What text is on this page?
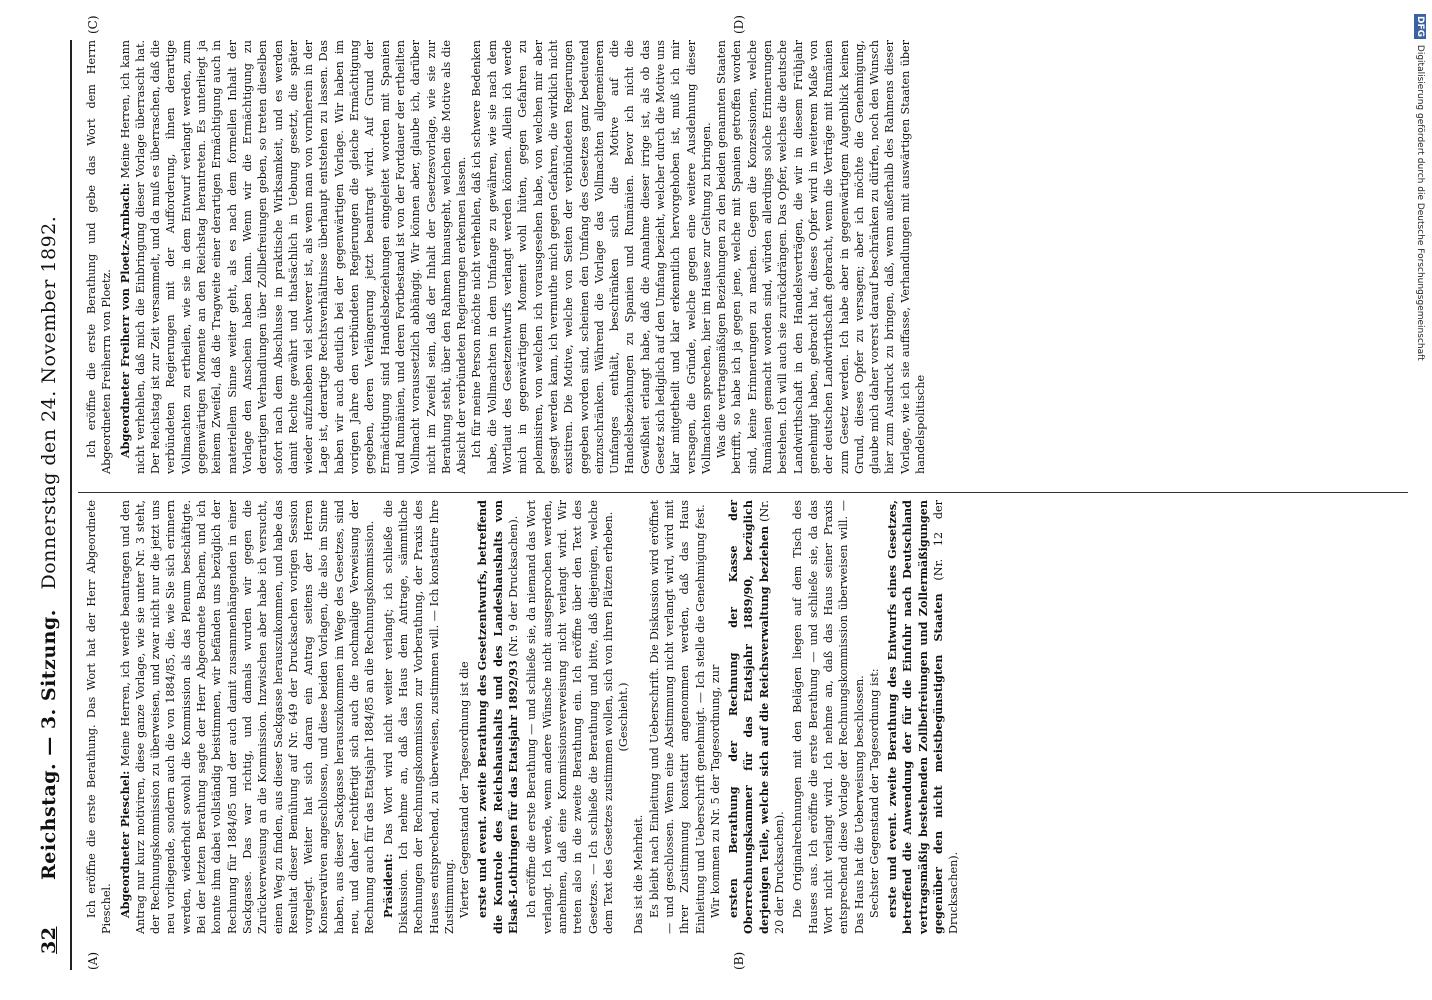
32
Reichstag. — 3. Sitzung.   Donnerstag den 24. November 1892.
(A)	(B)
(C)	(D)

Ich eröffne die erste Berathung. Das Wort hat der Herr Abgeordnete Pieschel. Abgeordneter Pieschel: Meine Herren, ich werde beantragen und den Antrag nur kurz motiviren, diese ganze Vorlage, wie sie unter Nr. 3 steht, der Rechnungskommission zu überweisen, und zwar nicht nur die jetzt uns neu vorliegende, sondern auch die von 1884/85, die, wie Sie sich erinnern werden, wiederholt sowohl die Kommission als das Plenum beschäftigte. Bei der letzten Berathung sagte der Herr Abgeordnete Bachem, und ich konnte ihm dabei vollständig beistimmen, wir befänden uns bezüglich der Rechnung für 1884/85 und der auch damit zusammenhängenden in einer Sackgasse. Das war richtig, und damals wurden wir gegen die Zurückverweisung an die Kommission. Inzwischen aber habe ich versucht, einen Weg zu finden, aus dieser Sackgasse herauszukommen, und habe das Resultat dieser Bemühung auf Nr. 649 der Drucksachen vorigen Session vorgelegt. Weiter hat sich daran ein Antrag seitens der Herren Konservativen angeschlossen, und diese beiden Vorlagen, die also im Sinne haben, aus dieser Sackgasse herauszukommen im Wege des Gesetzes, sind neu, und daher rechtfertigt sich auch die nochmalige Verweisung der Rechnung auch für das Etatsjahr 1884/85 an die Rechnungskommission. Präsident: Das Wort wird nicht weiter verlangt; ich schließe die Diskussion. Ich nehme an, daß das Haus dem Antrage, sämmtliche Rechnungen der Rechnungskommission zur Vorberathung, der Praxis des Hauses entsprechend, zu überweisen, zustimmen will. — Ich konstatire Ihre Zustimmung. Vierter Gegenstand der Tagesordnung ist die erste und event. zweite Berathung des Gesetzentwurfs, betreffend die Kontrole des Reichshaushalts und des Landeshaushalts von Elsaß-Lothringen für das Etatsjahr 1892/93 (Nr. 9 der Drucksachen). Ich eröffne die erste Berathung — und schließe sie, da niemand das Wort verlangt. Ich werde, wenn andere Wünsche nicht ausgesprochen werden, annehmen, daß eine Kommissionsverweisung nicht verlangt wird. Wir treten also in die zweite Berathung ein. Ich eröffne über den Text des Gesetzes. — Ich schließe die Berathung und bitte, daß diejenigen, welche dem Text des Gesetzes zustimmen wollen, sich von ihren Plätzen erheben. (Geschieht.)

Das ist die Mehrheit. Es bleibt nach Einleitung und Ueberschrift. Die Diskussion wird eröffnet — und geschlossen. Wenn eine Abstimmung nicht verlangt wird, wird mit Ihrer Zustimmung konstatirt angenommen werden, daß das Haus Einleitung und Ueberschrift genehmigt. — Ich stelle die Genehmigung fest. Wir kommen zu Nr. 5 der Tagesordnung, zur ersten Berathung der Rechnung der Kasse der Oberrechnungskammer für das Etatsjahr 1889/90, bezüglich derjenigen Teile, welche sich auf die Reichsverwaltung beziehen (Nr. 20 der Drucksachen). Die Originalrechnungen mit den Belägen liegen auf dem Tisch des Hauses aus. Ich eröffne die erste Berathung — und schließe sie, da das Wort nicht verlangt wird. Ich nehme an, daß das Haus seiner Praxis entsprechend diese Vorlage der Rechnungskommission überweisen will. — Das Haus hat die Ueberweisung beschlossen. Sechster Gegenstand der Tagesordnung ist: erste und event. zweite Berathung des Entwurfs eines Gesetzes, betreffend die Anwendung der für die Einfuhr nach Deutschland vertragsmäßig bestehenden Zollbefreiungen und Zollermäßigungen gegenüber den nicht meistbegünstigten Staaten (Nr. 12 der Drucksachen).

Ich eröffne die erste Berathung und gebe das Wort dem Herrn Abgeordneten Freiherrn von Ploetz. Abgeordneter Freiherr von Ploetz-Arnbach: Meine Herren, ich kann nicht verhehlen, daß mich die Einbringung dieser Vorlage überrascht hat. Der Reichstag ist zur Zeit versammelt, und da muß es überraschen, daß die verbündeten Regierungen mit der Aufforderung, ihnen derartige Vollmachten zu ertheilen, wie sie in dem Entwurf verlangt werden, zum gegenwärtigen Momente an den Reichstag herantreten. Es unterliegt ja keinem Zweifel, daß die Tragweite einer derartigen Ermächtigung auch in materiellem Sinne weiter geht, als es nach dem formellen Inhalt der Vorlage den Anschein haben kann. Wenn wir die Ermächtigung zu derartigen Verhandlungen über Zollbefreiungen geben, so treten dieselben sofort nach dem Abschlusse in praktische Wirksamkeit, und es werden damit Rechte gewährt und thatsächlich in Uebung gesetzt, die später wieder aufzuheben viel schwerer ist, als wenn man von vornherein in der Lage ist, derartige Rechtsverhältnisse überhaupt entstehen zu lassen. Das haben wir auch deutlich bei der gegenwärtigen Vorlage. Wir haben im vorigen Jahre den verbündeten Regierungen die gleiche Ermächtigung gegeben, deren Verlängerung jetzt beantragt wird. Auf Grund der Ermächtigung sind Handelsbeziehungen eingeleitet worden mit Spanien und Rumänien, und deren Fortbestand ist von der Fortdauer der ertheilten Vollmacht voraussetzlich abhängig. Wir können aber, glaube ich, darüber nicht im Zweifel sein, daß der Inhalt der Gesetzesvorlage, wie sie zur Berathung steht, über den Rahmen hinausgeht, welchen die Motive als die Absicht der verbündeten Regierungen erkennen lassen. Ich für meine Person möchte nicht verhehlen, daß ich schwere Bedenken habe, die Vollmachten in dem Umfange zu gewähren, wie sie nach dem Wortlaut des Gesetzentwurfs verlangt werden können. Allein ich werde mich in gegenwärtigem Moment wohl hüten, gegen Gefahren zu polemisiren, von welchen ich vorausgesehen habe, von welchen mir aber gesagt werden kann, ich vermuthe mich gegen Gefahren, die wirklich nicht existiren. Die Motive, welche von Seiten der verbündeten Regierungen gegeben worden sind, scheinen den Umfang des Gesetzes ganz bedeutend einzuschränken. Während die Vorlage das Vollmachten allgemeineren Umfanges enthält, beschränken sich die Motive auf die Handelsbeziehungen zu Spanien und Rumänien. Bevor ich nicht die Gewißheit erlangt habe, daß die Annahme dieser irrige ist, als ob das Gesetz sich lediglich auf den Umfang bezieht, welcher durch die Motive uns klar mitgetheilt und klar erkenntlich hervorgehoben ist, muß ich mir versagen, die Gründe, welche gegen eine weitere Ausdehnung dieser Vollmachten sprechen, hier im Hause zur Geltung zu bringen. Was die vertragsmäßigen Beziehungen zu den beiden genannten Staaten betrifft, so habe ich ja gegen jene, welche mit Spanien getroffen worden sind, keine Erinnerungen zu machen. Gegen die Konzessionen, welche Rumänien gemacht worden sind, würden allerdings solche Erinnerungen bestehen. Ich will auch sie zurückdrängen. Das Opfer, welches die deutsche Landwirthschaft in den Handelsverträgen, die wir in diesem Frühjahr genehmigt haben, gebracht hat, dieses Opfer wird in weiterem Maße von der deutschen Landwirthschaft gebracht, wenn die Verträge mit Rumänien zum Gesetz werden. Ich habe aber in gegenwärtigem Augenblick keinen Grund, dieses Opfer zu versagen; aber ich möchte die Genehmigung, glaube mich daher vorerst darauf beschränken zu dürfen, noch den Wunsch hier zum Ausdruck zu bringen, daß, wenn außerhalb des Rahmens dieser Vorlage, wie ich sie auffasse, Verhandlungen mit auswärtigen Staaten über handelspolitische

DFG Digitalisierung gefördert durch die Deutsche Forschungsgemeinschaft
